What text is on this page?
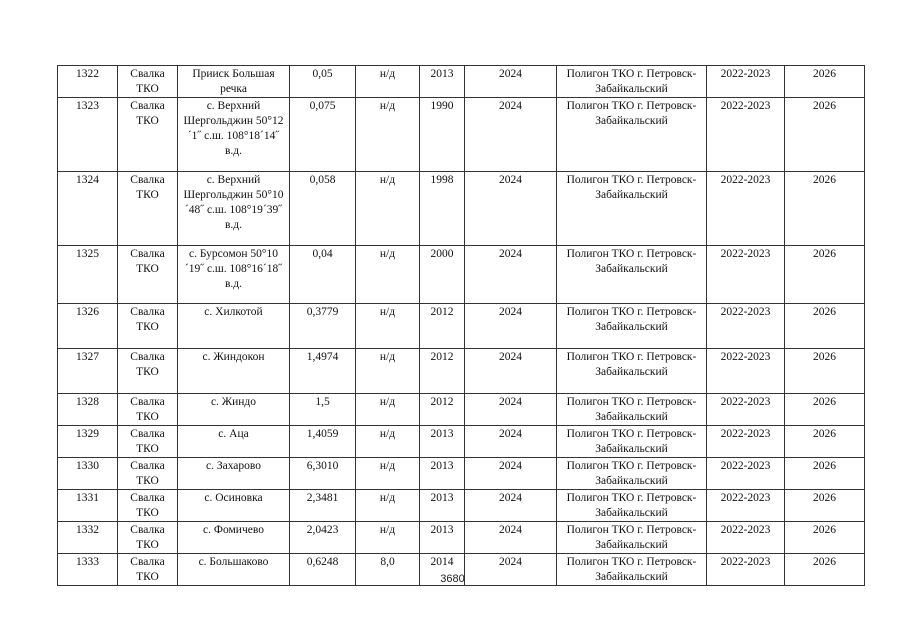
1322	Свалка ТКО	Прииск Большая речка	0,05	н/д	2013	2024	Полигон ТКО г. Петровск-Забайкальский	2022-2023	2026
1323	Свалка ТКО	с. Верхний Шергольджин 50°12´1˝ с.ш. 108°18´14˝ в.д.	0,075	н/д	1990	2024	Полигон ТКО г. Петровск-Забайкальский	2022-2023	2026
1324	Свалка ТКО	с. Верхний Шергольджин 50°10´48˝ с.ш. 108°19´39˝ в.д.	0,058	н/д	1998	2024	Полигон ТКО г. Петровск-Забайкальский	2022-2023	2026
1325	Свалка ТКО	с. Бурсомон 50°10´19˝ с.ш. 108°16´18˝ в.д.	0,04	н/д	2000	2024	Полигон ТКО г. Петровск-Забайкальский	2022-2023	2026
1326	Свалка ТКО	с. Хилкотой	0,3779	н/д	2012	2024	Полигон ТКО г. Петровск-Забайкальский	2022-2023	2026
1327	Свалка ТКО	с. Жиндокон	1,4974	н/д	2012	2024	Полигон ТКО г. Петровск-Забайкальский	2022-2023	2026
1328	Свалка ТКО	с. Жиндо	1,5	н/д	2012	2024	Полигон ТКО г. Петровск-Забайкальский	2022-2023	2026
1329	Свалка ТКО	с. Аца	1,4059	н/д	2013	2024	Полигон ТКО г. Петровск-Забайкальский	2022-2023	2026
1330	Свалка ТКО	с. Захарово	6,3010	н/д	2013	2024	Полигон ТКО г. Петровск-Забайкальский	2022-2023	2026
1331	Свалка ТКО	с. Осиновка	2,3481	н/д	2013	2024	Полигон ТКО г. Петровск-Забайкальский	2022-2023	2026
1332	Свалка ТКО	с. Фомичево	2,0423	н/д	2013	2024	Полигон ТКО г. Петровск-Забайкальский	2022-2023	2026
1333	Свалка ТКО	с. Большаково	0,6248	8,0	2014	2024	Полигон ТКО г. Петровск-Забайкальский	2022-2023	2026
3680
